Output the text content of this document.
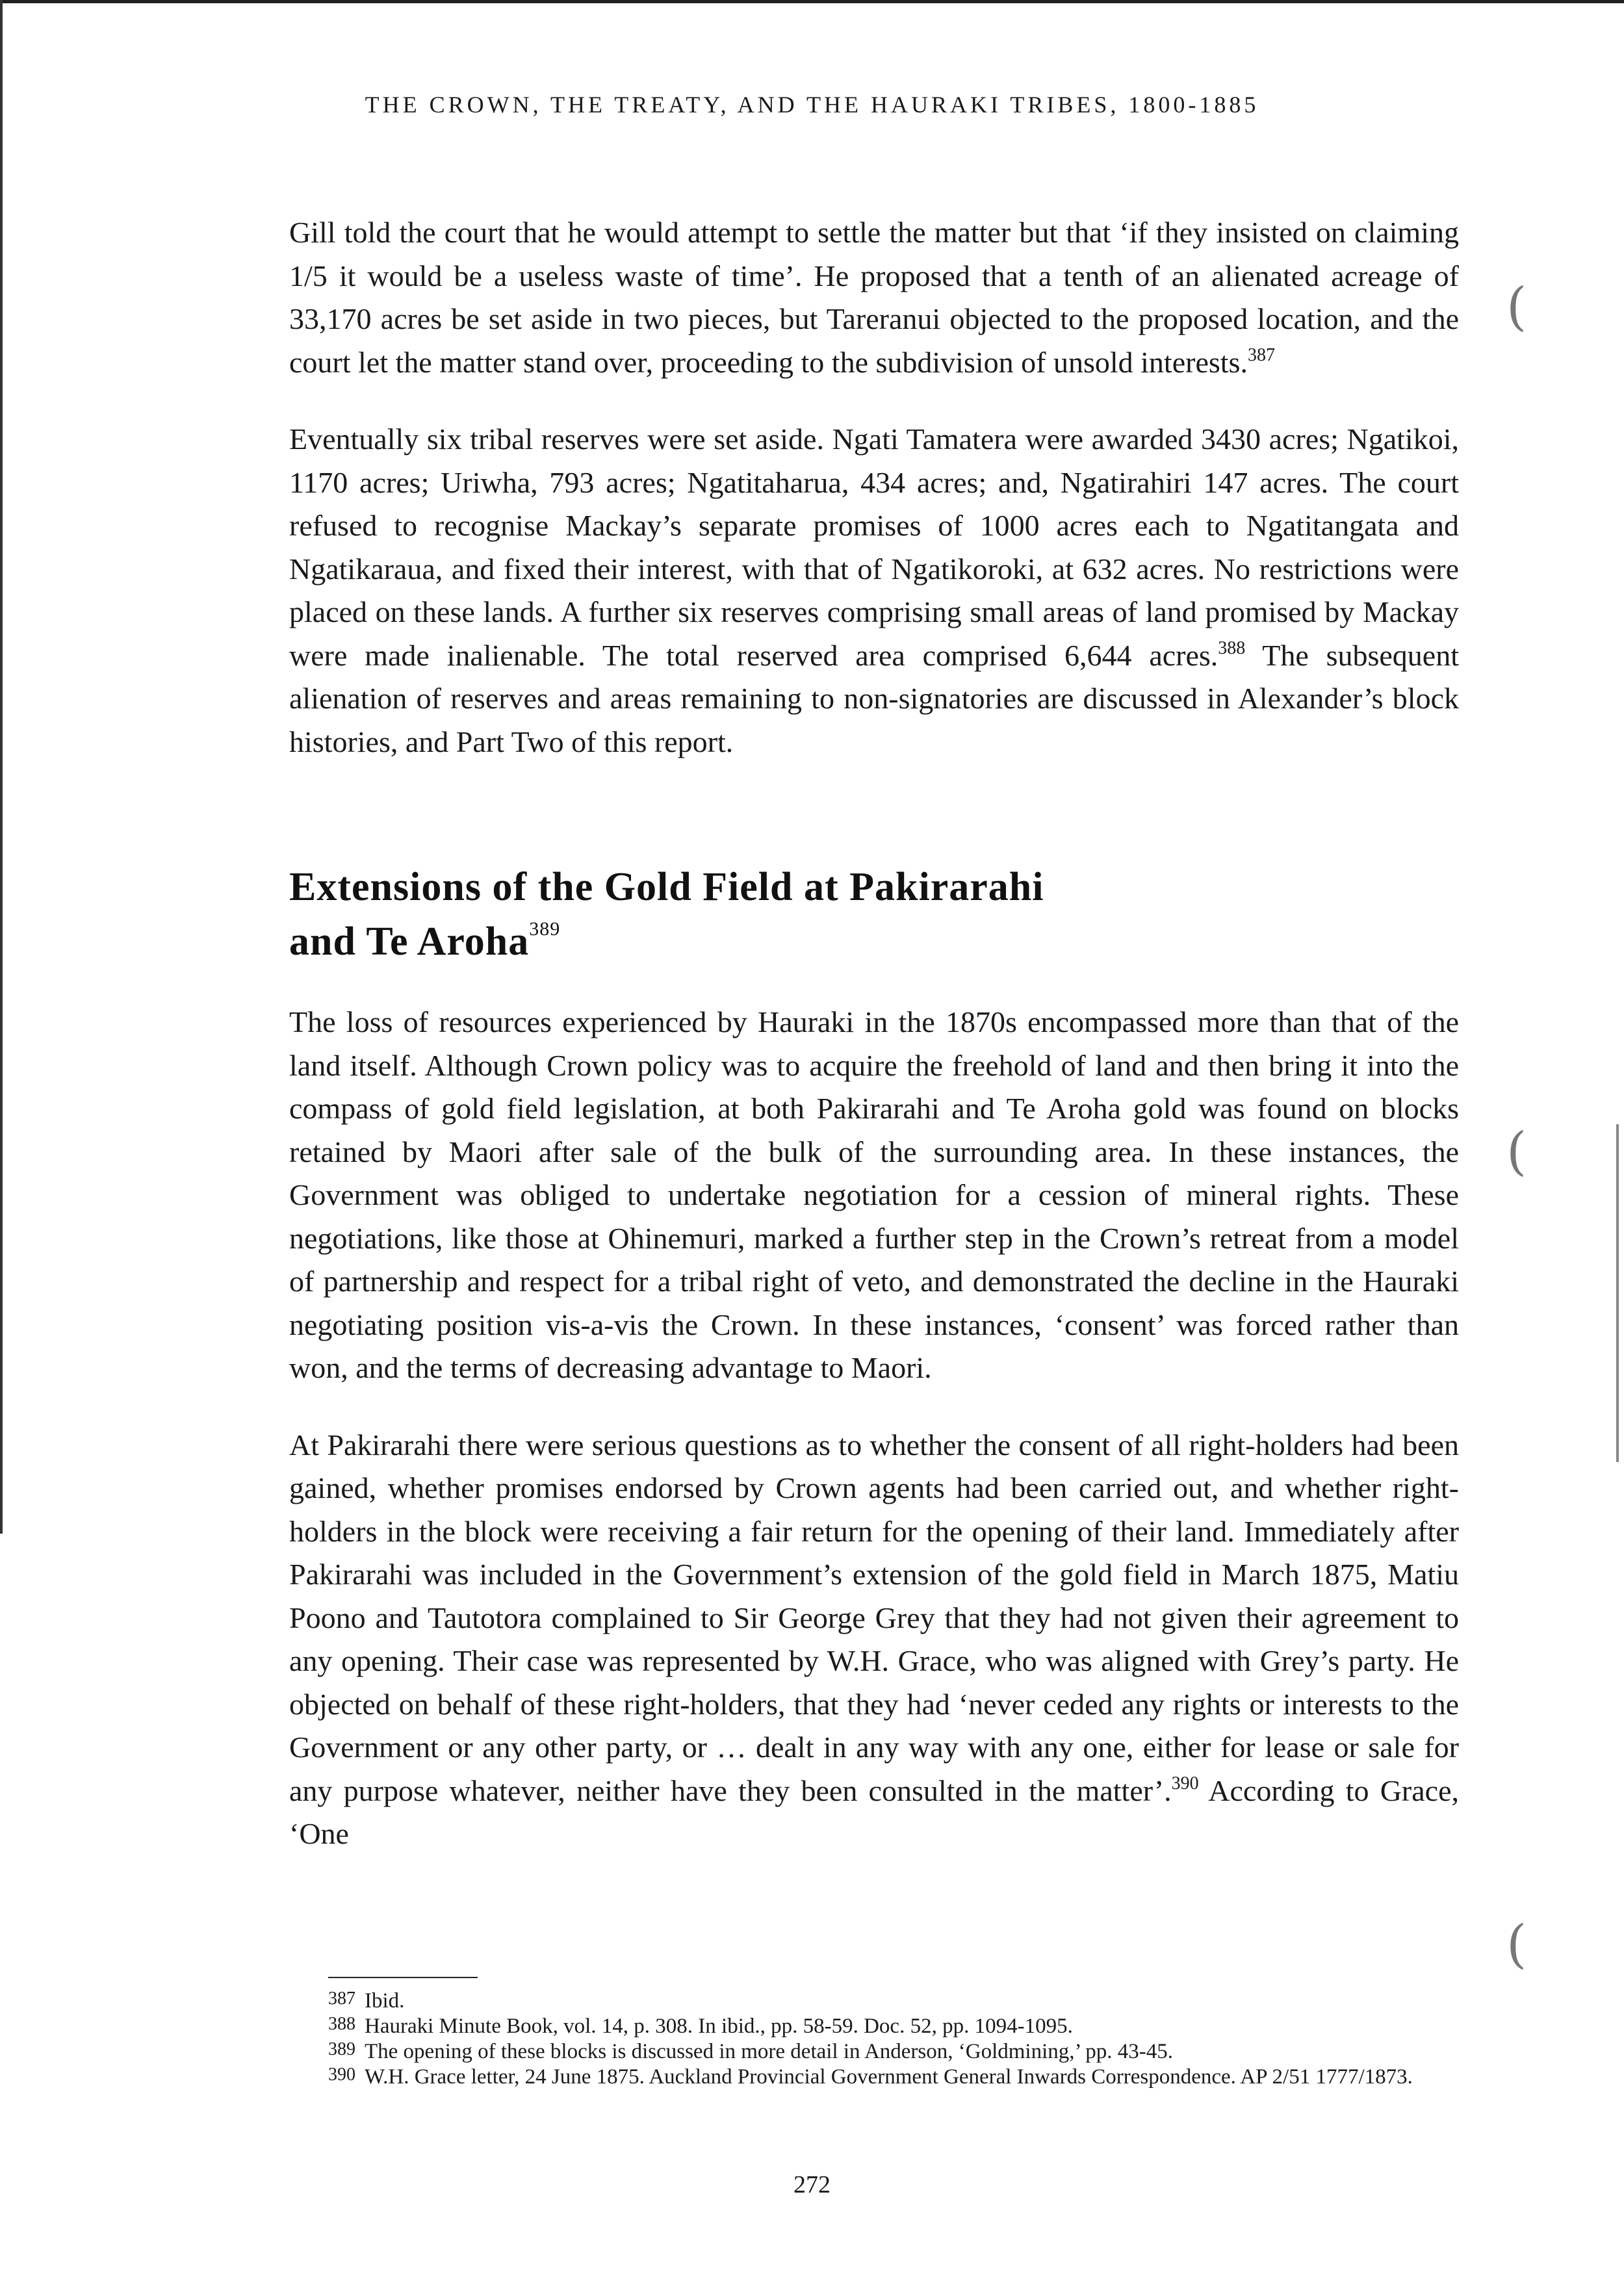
(
(
(
THE CROWN, THE TREATY, AND THE HAURAKI TRIBES, 1800-1885

Gill told the court that he would attempt to settle the matter but that ‘if they insisted on claiming 1/5 it would be a useless waste of time’. He proposed that a tenth of an alienated acreage of 33,170 acres be set aside in two pieces, but Tareranui objected to the proposed location, and the court let the matter stand over, proceeding to the subdivision of unsold interests.$^{387}$

Eventually six tribal reserves were set aside. Ngati Tamatera were awarded 3430 acres; Ngatikoi, 1170 acres; Uriwha, 793 acres; Ngatitaharua, 434 acres; and, Ngatirahiri 147 acres. The court refused to recognise Mackay’s separate promises of 1000 acres each to Ngatitangata and Ngatikaraua, and fixed their interest, with that of Ngatikoroki, at 632 acres. No restrictions were placed on these lands. A further six reserves comprising small areas of land promised by Mackay were made inalienable. The total reserved area comprised 6,644 acres.$^{388}$ The subsequent alienation of reserves and areas remaining to non-signatories are discussed in Alexander’s block histories, and Part Two of this report.

Extensions of the Gold Field at Pakirarahi
and Te Aroha$^{389}$

The loss of resources experienced by Hauraki in the 1870s encompassed more than that of the land itself. Although Crown policy was to acquire the freehold of land and then bring it into the compass of gold field legislation, at both Pakirarahi and Te Aroha gold was found on blocks retained by Maori after sale of the bulk of the surrounding area. In these instances, the Government was obliged to undertake negotiation for a cession of mineral rights. These negotiations, like those at Ohinemuri, marked a further step in the Crown’s retreat from a model of partnership and respect for a tribal right of veto, and demonstrated the decline in the Hauraki negotiating position vis-a-vis the Crown. In these instances, ‘consent’ was forced rather than won, and the terms of decreasing advantage to Maori.

At Pakirarahi there were serious questions as to whether the consent of all right-holders had been gained, whether promises endorsed by Crown agents had been carried out, and whether right-holders in the block were receiving a fair return for the opening of their land. Immediately after Pakirarahi was included in the Government’s extension of the gold field in March 1875, Matiu Poono and Tautotora complained to Sir George Grey that they had not given their agreement to any opening. Their case was represented by W.H. Grace, who was aligned with Grey’s party. He objected on behalf of these right-holders, that they had ‘never ceded any rights or interests to the Government or any other party, or … dealt in any way with any one, either for lease or sale for any purpose whatever, neither have they been consulted in the matter’.$^{390}$ According to Grace, ‘One

387 Ibid.
388 Hauraki Minute Book, vol. 14, p. 308. In ibid., pp. 58-59. Doc. 52, pp. 1094-1095.
389 The opening of these blocks is discussed in more detail in Anderson, ‘Goldmining,’ pp. 43-45.
390 W.H. Grace letter, 24 June 1875. Auckland Provincial Government General Inwards Correspondence. AP 2/51 1777/1873.
272
